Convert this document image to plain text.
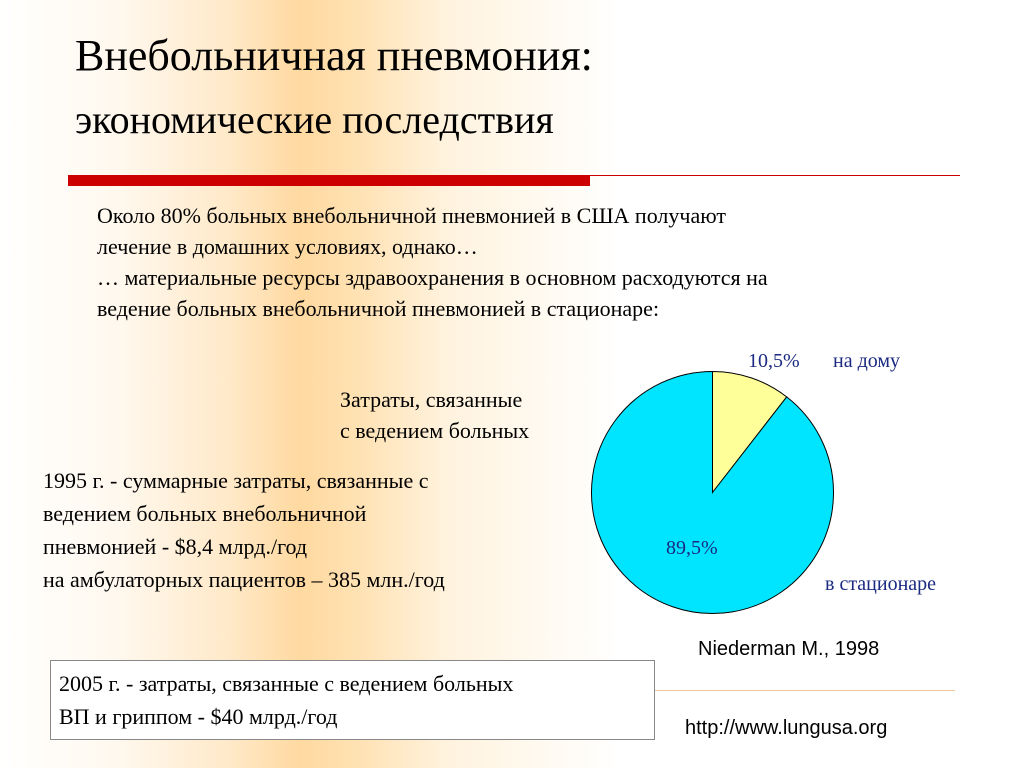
Внебольничная пневмония:
экономические последствия

Около 80% больных внебольничной пневмонией в США получают

лечение в домашних условиях, однако…

… материальные ресурсы здравоохранения в основном расходуются на

ведение больных внебольничной пневмонией в стационаре:

Затраты, связанные

с ведением больных

1995 г. - суммарные затраты, связанные с

ведением больных внебольничной

пневмонией - $8,4 млрд./год

на амбулаторных пациентов – 385 млн./год

10,5% на дому
89,5%
в стационаре
Niederman M., 1998

2005 г. - затраты, связанные с ведением больных

ВП и гриппом - $40 млрд./год	http://www.lungusa.org
